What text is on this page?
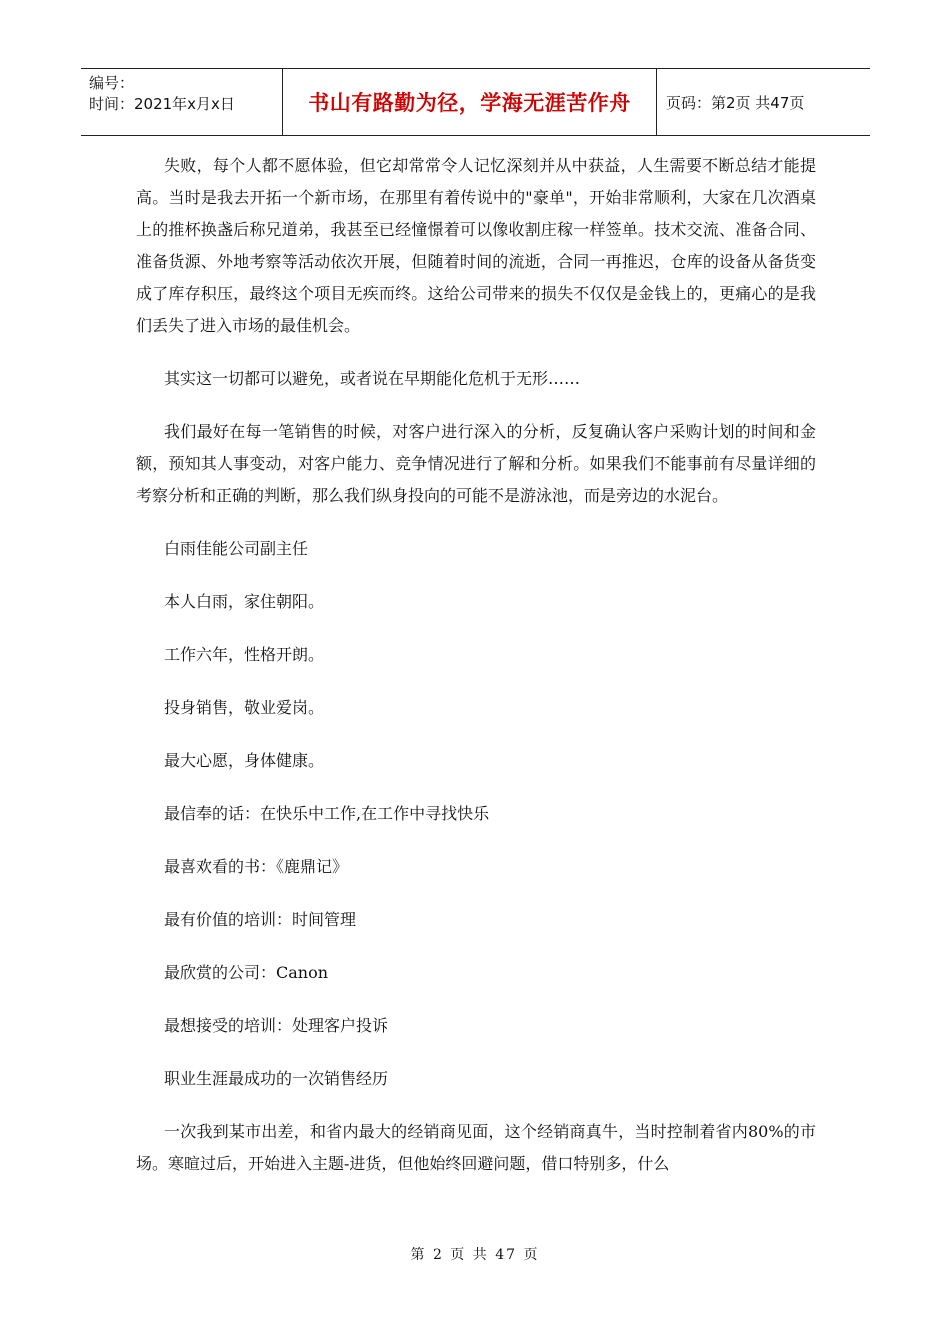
编号：
时间：2021年x月x日	书山有路勤为径，学海无涯苦作舟	页码：第2页 共47页

失败，每个人都不愿体验，但它却常常令人记忆深刻并从中获益，人生需要不断总结才能提高。当时是我去开拓一个新市场，在那里有着传说中的"豪单"，开始非常顺利，大家在几次酒桌上的推杯换盏后称兄道弟，我甚至已经憧憬着可以像收割庄稼一样签单。技术交流、准备合同、准备货源、外地考察等活动依次开展，但随着时间的流逝，合同一再推迟，仓库的设备从备货变成了库存积压，最终这个项目无疾而终。这给公司带来的损失不仅仅是金钱上的，更痛心的是我们丢失了进入市场的最佳机会。

其实这一切都可以避免，或者说在早期能化危机于无形……

我们最好在每一笔销售的时候，对客户进行深入的分析，反复确认客户采购计划的时间和金额，预知其人事变动，对客户能力、竞争情况进行了解和分析。如果我们不能事前有尽量详细的考察分析和正确的判断，那么我们纵身投向的可能不是游泳池，而是旁边的水泥台。

白雨佳能公司副主任

本人白雨，家住朝阳。

工作六年，性格开朗。

投身销售，敬业爱岗。

最大心愿，身体健康。

最信奉的话：在快乐中工作,在工作中寻找快乐

最喜欢看的书：《鹿鼎记》

最有价值的培训：时间管理

最欣赏的公司：Canon

最想接受的培训：处理客户投诉

职业生涯最成功的一次销售经历

一次我到某市出差，和省内最大的经销商见面，这个经销商真牛，当时控制着省内80%的市场。寒暄过后，开始进入主题-进货，但他始终回避问题，借口特别多，什么

第 2 页 共 47 页
